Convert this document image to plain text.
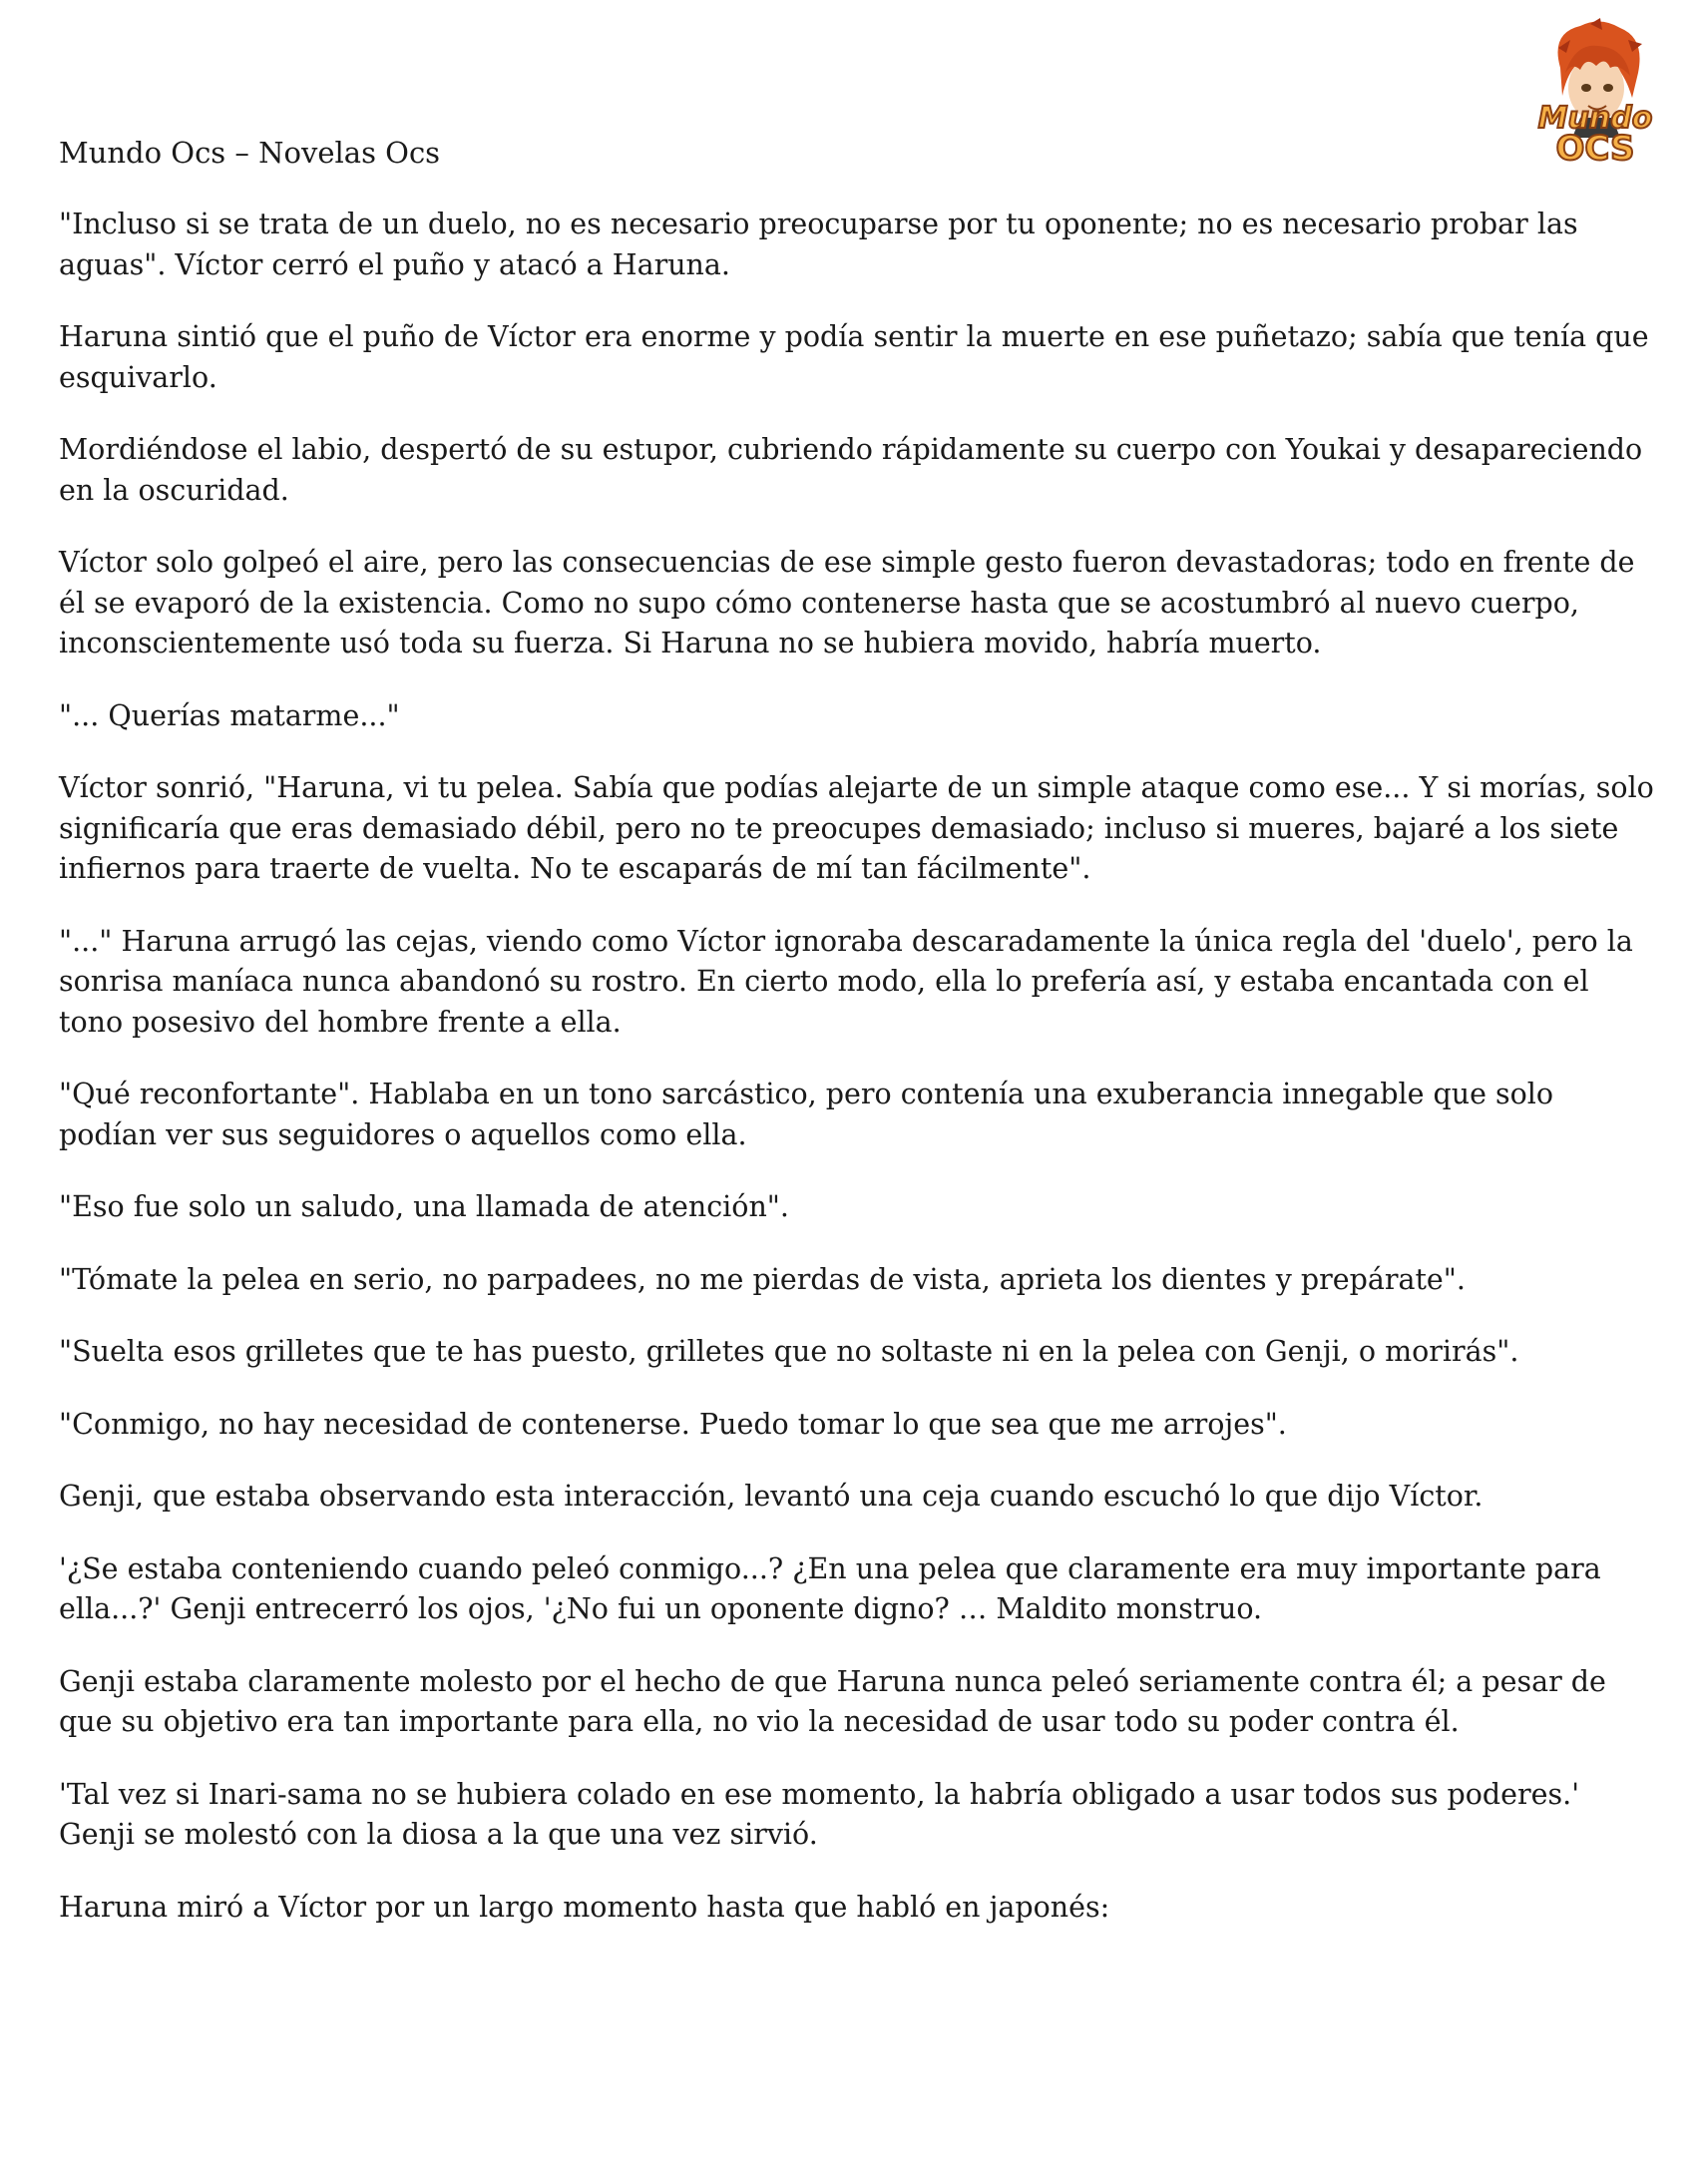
Mundo
OCS
Mundo Ocs – Novelas Ocs

"Incluso si se trata de un duelo, no es necesario preocuparse por tu oponente; no es necesario probar las aguas". Víctor cerró el puño y atacó a Haruna.

Haruna sintió que el puño de Víctor era enorme y podía sentir la muerte en ese puñetazo; sabía que tenía que esquivarlo.

Mordiéndose el labio, despertó de su estupor, cubriendo rápidamente su cuerpo con Youkai y desapareciendo en la oscuridad.

Víctor solo golpeó el aire, pero las consecuencias de ese simple gesto fueron devastadoras; todo en frente de él se evaporó de la existencia. Como no supo cómo contenerse hasta que se acostumbró al nuevo cuerpo, inconscientemente usó toda su fuerza. Si Haruna no se hubiera movido, habría muerto.

"... Querías matarme..."

Víctor sonrió, "Haruna, vi tu pelea. Sabía que podías alejarte de un simple ataque como ese... Y si morías, solo significaría que eras demasiado débil, pero no te preocupes demasiado; incluso si mueres, bajaré a los siete infiernos para traerte de vuelta. No te escaparás de mí tan fácilmente".

"..." Haruna arrugó las cejas, viendo como Víctor ignoraba descaradamente la única regla del 'duelo', pero la sonrisa maníaca nunca abandonó su rostro. En cierto modo, ella lo prefería así, y estaba encantada con el tono posesivo del hombre frente a ella.

"Qué reconfortante". Hablaba en un tono sarcástico, pero contenía una exuberancia innegable que solo podían ver sus seguidores o aquellos como ella.

"Eso fue solo un saludo, una llamada de atención".

"Tómate la pelea en serio, no parpadees, no me pierdas de vista, aprieta los dientes y prepárate".

"Suelta esos grilletes que te has puesto, grilletes que no soltaste ni en la pelea con Genji, o morirás".

"Conmigo, no hay necesidad de contenerse. Puedo tomar lo que sea que me arrojes".

Genji, que estaba observando esta interacción, levantó una ceja cuando escuchó lo que dijo Víctor.

'¿Se estaba conteniendo cuando peleó conmigo...? ¿En una pelea que claramente era muy importante para ella...?' Genji entrecerró los ojos, '¿No fui un oponente digno? … Maldito monstruo.

Genji estaba claramente molesto por el hecho de que Haruna nunca peleó seriamente contra él; a pesar de que su objetivo era tan importante para ella, no vio la necesidad de usar todo su poder contra él.

'Tal vez si Inari-sama no se hubiera colado en ese momento, la habría obligado a usar todos sus poderes.' Genji se molestó con la diosa a la que una vez sirvió.

Haruna miró a Víctor por un largo momento hasta que habló en japonés:
